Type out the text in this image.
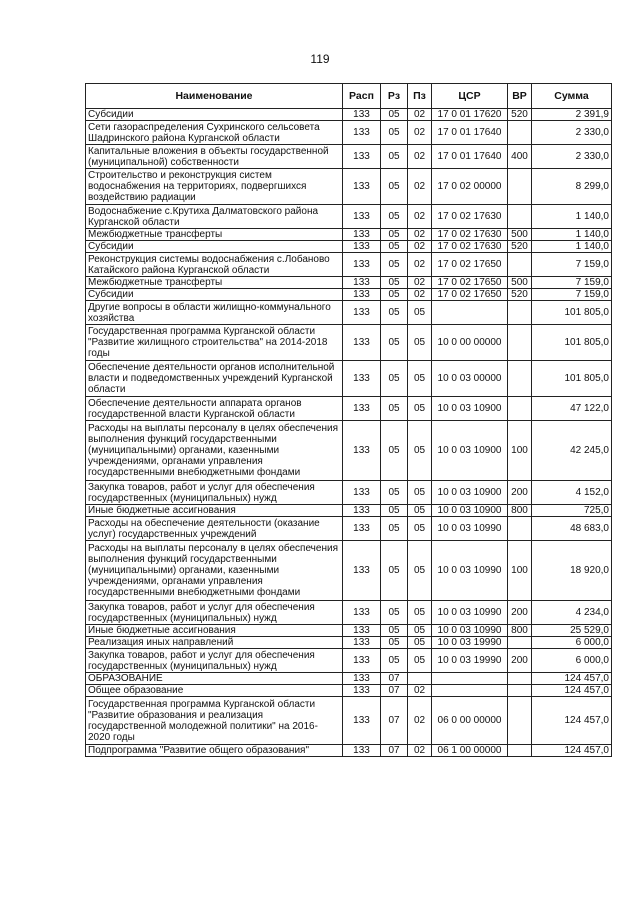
119
Наименование	Расп	Рз	Пз	ЦСР	ВР	Сумма
Субсидии	133	05	02	17 0 01 17620	520	2 391,9
Сети газораспределения Сухринского сельсовета Шадринского района Курганской области	133	05	02	17 0 01 17640		2 330,0
Капитальные вложения в объекты государственной (муниципальной) собственности	133	05	02	17 0 01 17640	400	2 330,0
Строительство и реконструкция систем водоснабжения на территориях, подвергшихся воздействию радиации	133	05	02	17 0 02 00000		8 299,0
Водоснабжение с.Крутиха Далматовского района Курганской области	133	05	02	17 0 02 17630		1 140,0
Межбюджетные трансферты	133	05	02	17 0 02 17630	500	1 140,0
Субсидии	133	05	02	17 0 02 17630	520	1 140,0
Реконструкция системы водоснабжения с.Лобаново Катайского района Курганской области	133	05	02	17 0 02 17650		7 159,0
Межбюджетные трансферты	133	05	02	17 0 02 17650	500	7 159,0
Субсидии	133	05	02	17 0 02 17650	520	7 159,0
Другие вопросы в области жилищно-коммунального хозяйства	133	05	05			101 805,0
Государственная программа Курганской области "Развитие жилищного строительства" на 2014-2018 годы	133	05	05	10 0 00 00000		101 805,0
Обеспечение деятельности органов исполнительной власти и подведомственных учреждений Курганской области	133	05	05	10 0 03 00000		101 805,0
Обеспечение деятельности аппарата органов государственной власти Курганской области	133	05	05	10 0 03 10900		47 122,0
Расходы на выплаты персоналу в целях обеспечения выполнения функций государственными (муниципальными) органами, казенными учреждениями, органами управления государственными внебюджетными фондами	133	05	05	10 0 03 10900	100	42 245,0
Закупка товаров, работ и услуг для обеспечения государственных (муниципальных) нужд	133	05	05	10 0 03 10900	200	4 152,0
Иные бюджетные ассигнования	133	05	05	10 0 03 10900	800	725,0
Расходы на обеспечение деятельности (оказание услуг) государственных учреждений	133	05	05	10 0 03 10990		48 683,0
Расходы на выплаты персоналу в целях обеспечения выполнения функций государственными (муниципальными) органами, казенными учреждениями, органами управления государственными внебюджетными фондами	133	05	05	10 0 03 10990	100	18 920,0
Закупка товаров, работ и услуг для обеспечения государственных (муниципальных) нужд	133	05	05	10 0 03 10990	200	4 234,0
Иные бюджетные ассигнования	133	05	05	10 0 03 10990	800	25 529,0
Реализация иных направлений	133	05	05	10 0 03 19990		6 000,0
Закупка товаров, работ и услуг для обеспечения государственных (муниципальных) нужд	133	05	05	10 0 03 19990	200	6 000,0
ОБРАЗОВАНИЕ	133	07				124 457,0
Общее образование	133	07	02			124 457,0
Государственная программа Курганской области "Развитие образования и реализация государственной молодежной политики" на 2016-2020 годы	133	07	02	06 0 00 00000		124 457,0
Подпрограмма "Развитие общего образования"	133	07	02	06 1 00 00000		124 457,0
